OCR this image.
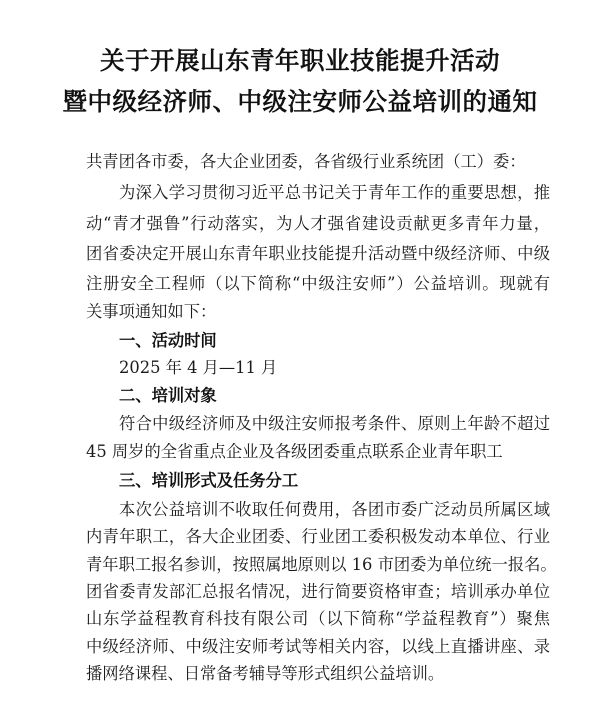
关于开展山东青年职业技能提升活动
暨中级经济师、中级注安师公益培训的通知
共青团各市委，各大企业团委，各省级行业系统团（工）委：
为深入学习贯彻习近平总书记关于青年工作的重要思想，推
动“青才强鲁”行动落实，为人才强省建设贡献更多青年力量，
团省委决定开展山东青年职业技能提升活动暨中级经济师、中级
注册安全工程师（以下简称“中级注安师”）公益培训。现就有
关事项通知如下：
一、活动时间
2025 年 4 月—11 月
二、培训对象
符合中级经济师及中级注安师报考条件、原则上年龄不超过
45 周岁的全省重点企业及各级团委重点联系企业青年职工
三、培训形式及任务分工
本次公益培训不收取任何费用，各团市委广泛动员所属区域
内青年职工，各大企业团委、行业团工委积极发动本单位、行业
青年职工报名参训，按照属地原则以 16 市团委为单位统一报名。
团省委青发部汇总报名情况，进行简要资格审查；培训承办单位
山东学益程教育科技有限公司（以下简称“学益程教育”）聚焦
中级经济师、中级注安师考试等相关内容，以线上直播讲座、录
播网络课程、日常备考辅导等形式组织公益培训。
